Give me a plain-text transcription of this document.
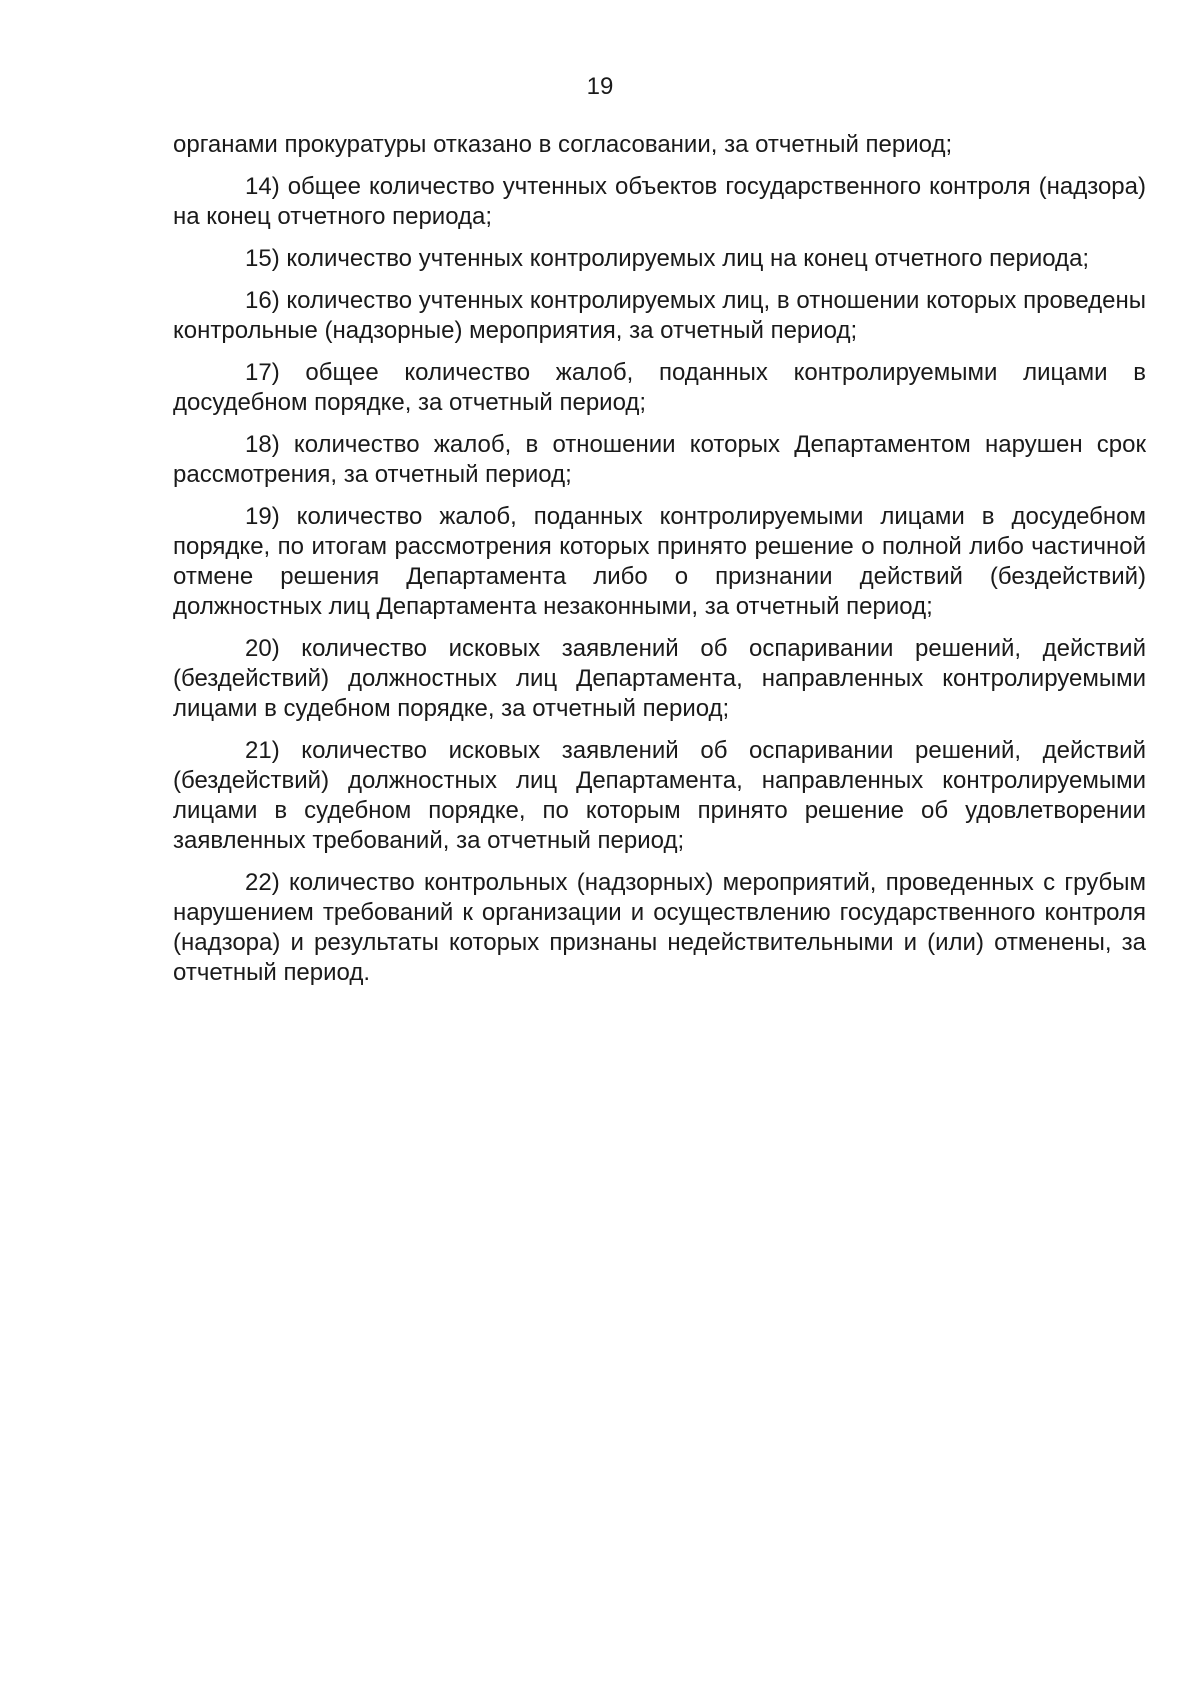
19

органами прокуратуры отказано в согласовании, за отчетный период;

14) общее количество учтенных объектов государственного контроля (надзора) на конец отчетного периода;

15) количество учтенных контролируемых лиц на конец отчетного периода;

16) количество учтенных контролируемых лиц, в отношении которых проведены контрольные (надзорные) мероприятия, за отчетный период;

17) общее количество жалоб, поданных контролируемыми лицами в досудебном порядке, за отчетный период;

18) количество жалоб, в отношении которых Департаментом нарушен срок рассмотрения, за отчетный период;

19) количество жалоб, поданных контролируемыми лицами в досудебном порядке, по итогам рассмотрения которых принято решение о полной либо частичной отмене решения Департамента либо о признании действий (бездействий) должностных лиц Департамента незаконными, за отчетный период;

20) количество исковых заявлений об оспаривании решений, действий (бездействий) должностных лиц Департамента, направленных контролируемыми лицами в судебном порядке, за отчетный период;

21) количество исковых заявлений об оспаривании решений, действий (бездействий) должностных лиц Департамента, направленных контролируемыми лицами в судебном порядке, по которым принято решение об удовлетворении заявленных требований, за отчетный период;

22) количество контрольных (надзорных) мероприятий, проведенных с грубым нарушением требований к организации и осуществлению государственного контроля (надзора) и результаты которых признаны недействительными и (или) отменены, за отчетный период.
